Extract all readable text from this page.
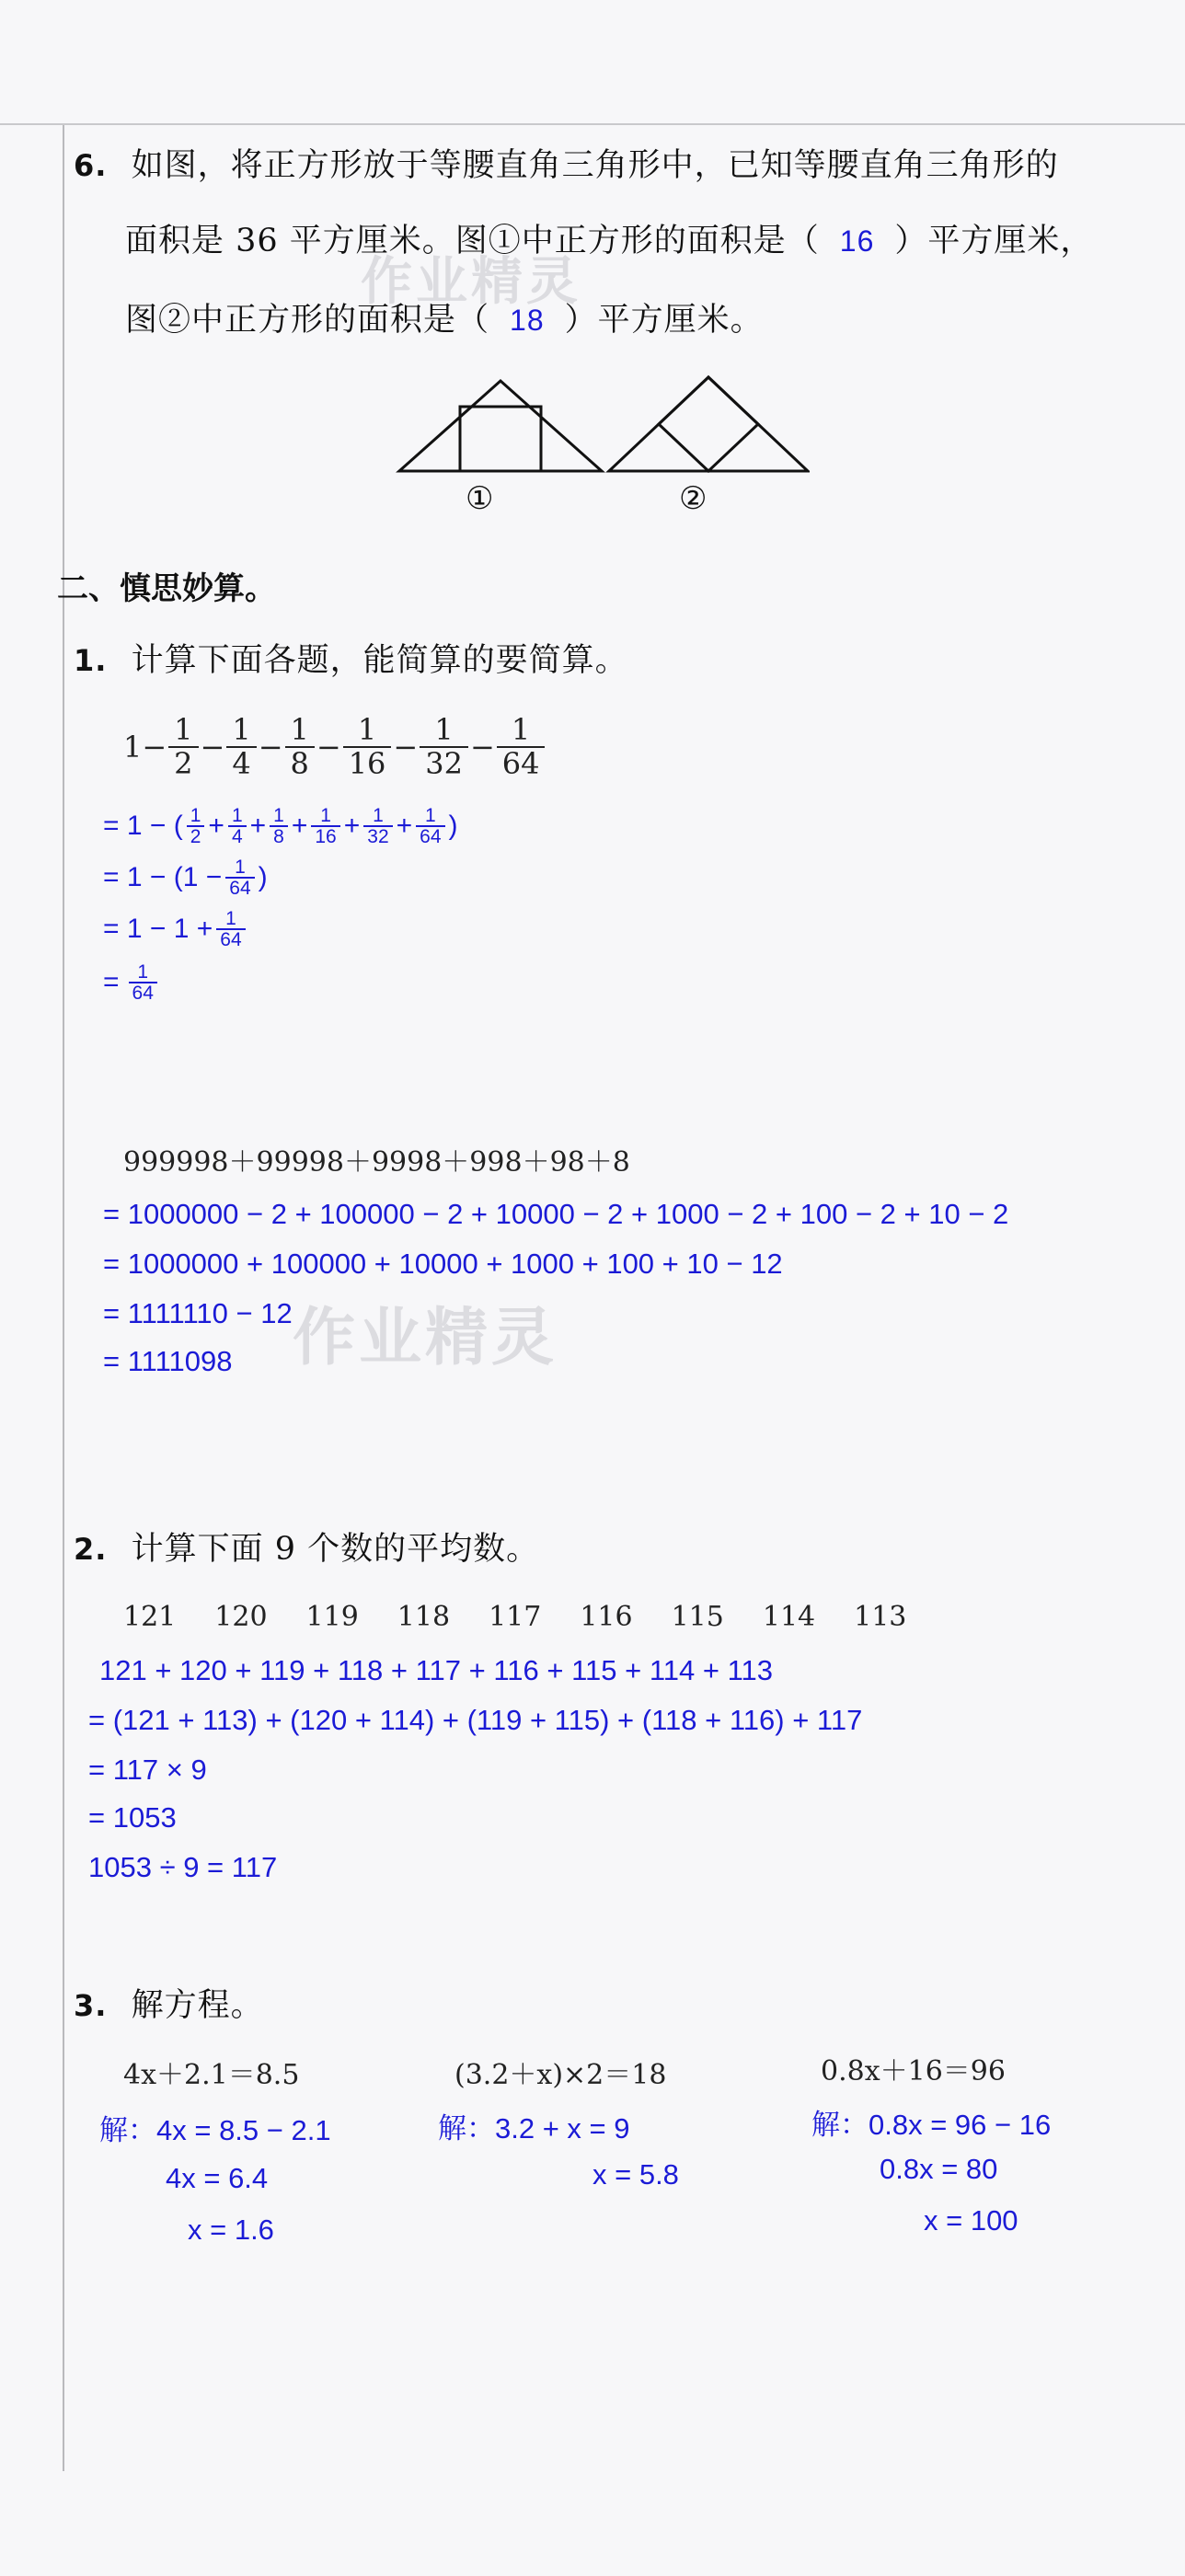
6. 如图，将正方形放于等腰直角三角形中，已知等腰直角三角形的
面积是 36 平方厘米。图①中正方形的面积是（ 16 ）平方厘米，
图②中正方形的面积是（ 18 ）平方厘米。
①	②
二、慎思妙算。
1. 计算下面各题，能简算的要简算。
$1- \frac{1}{2} - \frac{1}{4} - \frac{1}{8} - \frac{1}{16} - \frac{1}{32} - \frac{1}{64}$
= 1 − ( $\frac{1}{2} + \frac{1}{4} + \frac{1}{8} + \frac{1}{16} + \frac{1}{32} + \frac{1}{64}$ )
= $1 - (1 - \frac{1}{64}$ )
= $1 - 1 + \frac{1}{64}$
= $\frac{1}{64}$
999998＋99998＋9998＋998＋98＋8
= 1000000 − 2 + 100000 − 2 + 10000 − 2 + 1000 − 2 + 100 − 2 + 10 − 2
= 1000000 + 100000 + 10000 + 1000 + 100 + 10 − 12
= 1111110 − 12
= 1111098
2. 计算下面 9 个数的平均数。
121 120 119 118 117 116 115 114 113
121 + 120 + 119 + 118 + 117 + 116 + 115 + 114 + 113
= (121 + 113) + (120 + 114) + (119 + 115) + (118 + 116) + 117
= 117 × 9
= 1053
1053 ÷ 9 = 117
3. 解方程。
4x＋2.1＝8.5
解：4x = 8.5 − 2.1
4x = 6.4
x = 1.6
(3.2＋x)×2＝18
解：3.2 + x = 9
x = 5.8
0.8x＋16＝96
解：0.8x = 96 − 16
0.8x = 80
x = 100
作业精灵
作业精灵
